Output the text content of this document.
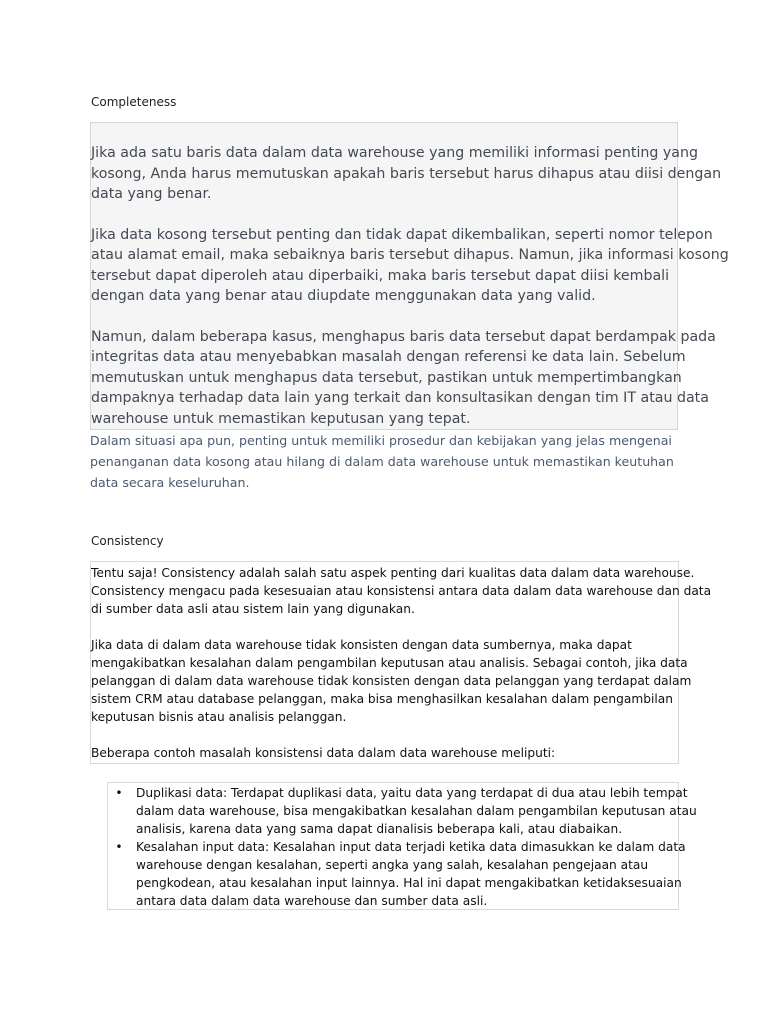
Completeness

Jika ada satu baris data dalam data warehouse yang memiliki informasi penting yang
kosong, Anda harus memutuskan apakah baris tersebut harus dihapus atau diisi dengan
data yang benar.

Jika data kosong tersebut penting dan tidak dapat dikembalikan, seperti nomor telepon
atau alamat email, maka sebaiknya baris tersebut dihapus. Namun, jika informasi kosong
tersebut dapat diperoleh atau diperbaiki, maka baris tersebut dapat diisi kembali
dengan data yang benar atau diupdate menggunakan data yang valid.

Namun, dalam beberapa kasus, menghapus baris data tersebut dapat berdampak pada
integritas data atau menyebabkan masalah dengan referensi ke data lain. Sebelum
memutuskan untuk menghapus data tersebut, pastikan untuk mempertimbangkan
dampaknya terhadap data lain yang terkait dan konsultasikan dengan tim IT atau data
warehouse untuk memastikan keputusan yang tepat.

Dalam situasi apa pun, penting untuk memiliki prosedur dan kebijakan yang jelas mengenai
penanganan data kosong atau hilang di dalam data warehouse untuk memastikan keutuhan
data secara keseluruhan.

Consistency

Tentu saja! Consistency adalah salah satu aspek penting dari kualitas data dalam data warehouse.
Consistency mengacu pada kesesuaian atau konsistensi antara data dalam data warehouse dan data
di sumber data asli atau sistem lain yang digunakan.

Jika data di dalam data warehouse tidak konsisten dengan data sumbernya, maka dapat
mengakibatkan kesalahan dalam pengambilan keputusan atau analisis. Sebagai contoh, jika data
pelanggan di dalam data warehouse tidak konsisten dengan data pelanggan yang terdapat dalam
sistem CRM atau database pelanggan, maka bisa menghasilkan kesalahan dalam pengambilan
keputusan bisnis atau analisis pelanggan.

Beberapa contoh masalah konsistensi data dalam data warehouse meliputi:

• Duplikasi data: Terdapat duplikasi data, yaitu data yang terdapat di dua atau lebih tempat
dalam data warehouse, bisa mengakibatkan kesalahan dalam pengambilan keputusan atau
analisis, karena data yang sama dapat dianalisis beberapa kali, atau diabaikan.
• Kesalahan input data: Kesalahan input data terjadi ketika data dimasukkan ke dalam data
warehouse dengan kesalahan, seperti angka yang salah, kesalahan pengejaan atau
pengkodean, atau kesalahan input lainnya. Hal ini dapat mengakibatkan ketidaksesuaian
antara data dalam data warehouse dan sumber data asli.
